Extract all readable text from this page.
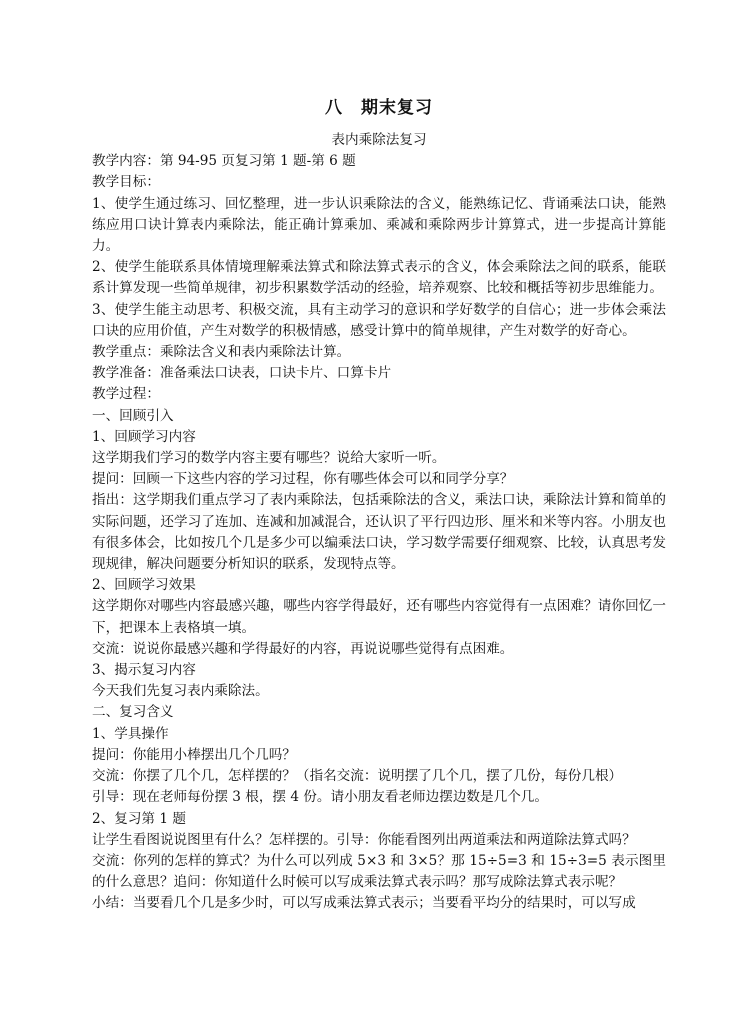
八 期末复习
表内乘除法复习
教学内容：第 94-95 页复习第 1 题-第 6 题
教学目标：
1、使学生通过练习、回忆整理，进一步认识乘除法的含义，能熟练记忆、背诵乘法口诀，能熟练应用口诀计算表内乘除法，能正确计算乘加、乘减和乘除两步计算算式，进一步提高计算能力。
2、使学生能联系具体情境理解乘法算式和除法算式表示的含义，体会乘除法之间的联系，能联系计算发现一些简单规律，初步积累数学活动的经验，培养观察、比较和概括等初步思维能力。
3、使学生能主动思考、积极交流，具有主动学习的意识和学好数学的自信心；进一步体会乘法口诀的应用价值，产生对数学的积极情感，感受计算中的简单规律，产生对数学的好奇心。
教学重点：乘除法含义和表内乘除法计算。
教学准备：准备乘法口诀表，口诀卡片、口算卡片
教学过程：
一、回顾引入
1、回顾学习内容
这学期我们学习的数学内容主要有哪些？说给大家听一听。
提问：回顾一下这些内容的学习过程，你有哪些体会可以和同学分享？
指出：这学期我们重点学习了表内乘除法，包括乘除法的含义，乘法口诀，乘除法计算和简单的实际问题，还学习了连加、连减和加减混合，还认识了平行四边形、厘米和米等内容。小朋友也有很多体会，比如按几个几是多少可以编乘法口诀，学习数学需要仔细观察、比较，认真思考发现规律，解决问题要分析知识的联系，发现特点等。
2、回顾学习效果
这学期你对哪些内容最感兴趣，哪些内容学得最好，还有哪些内容觉得有一点困难？请你回忆一下，把课本上表格填一填。
交流：说说你最感兴趣和学得最好的内容，再说说哪些觉得有点困难。
3、揭示复习内容
今天我们先复习表内乘除法。
二、复习含义
1、学具操作
提问：你能用小棒摆出几个几吗？
交流：你摆了几个几，怎样摆的？（指名交流：说明摆了几个几，摆了几份，每份几根）
引导：现在老师每份摆 3 根，摆 4 份。请小朋友看老师边摆边数是几个几。
2、复习第 1 题
让学生看图说说图里有什么？怎样摆的。引导：你能看图列出两道乘法和两道除法算式吗？
交流：你列的怎样的算式？为什么可以列成 5×3 和 3×5？那 15÷5=3 和 15÷3=5 表示图里的什么意思？追问：你知道什么时候可以写成乘法算式表示吗？那写成除法算式表示呢？
小结：当要看几个几是多少时，可以写成乘法算式表示；当要看平均分的结果时，可以写成
